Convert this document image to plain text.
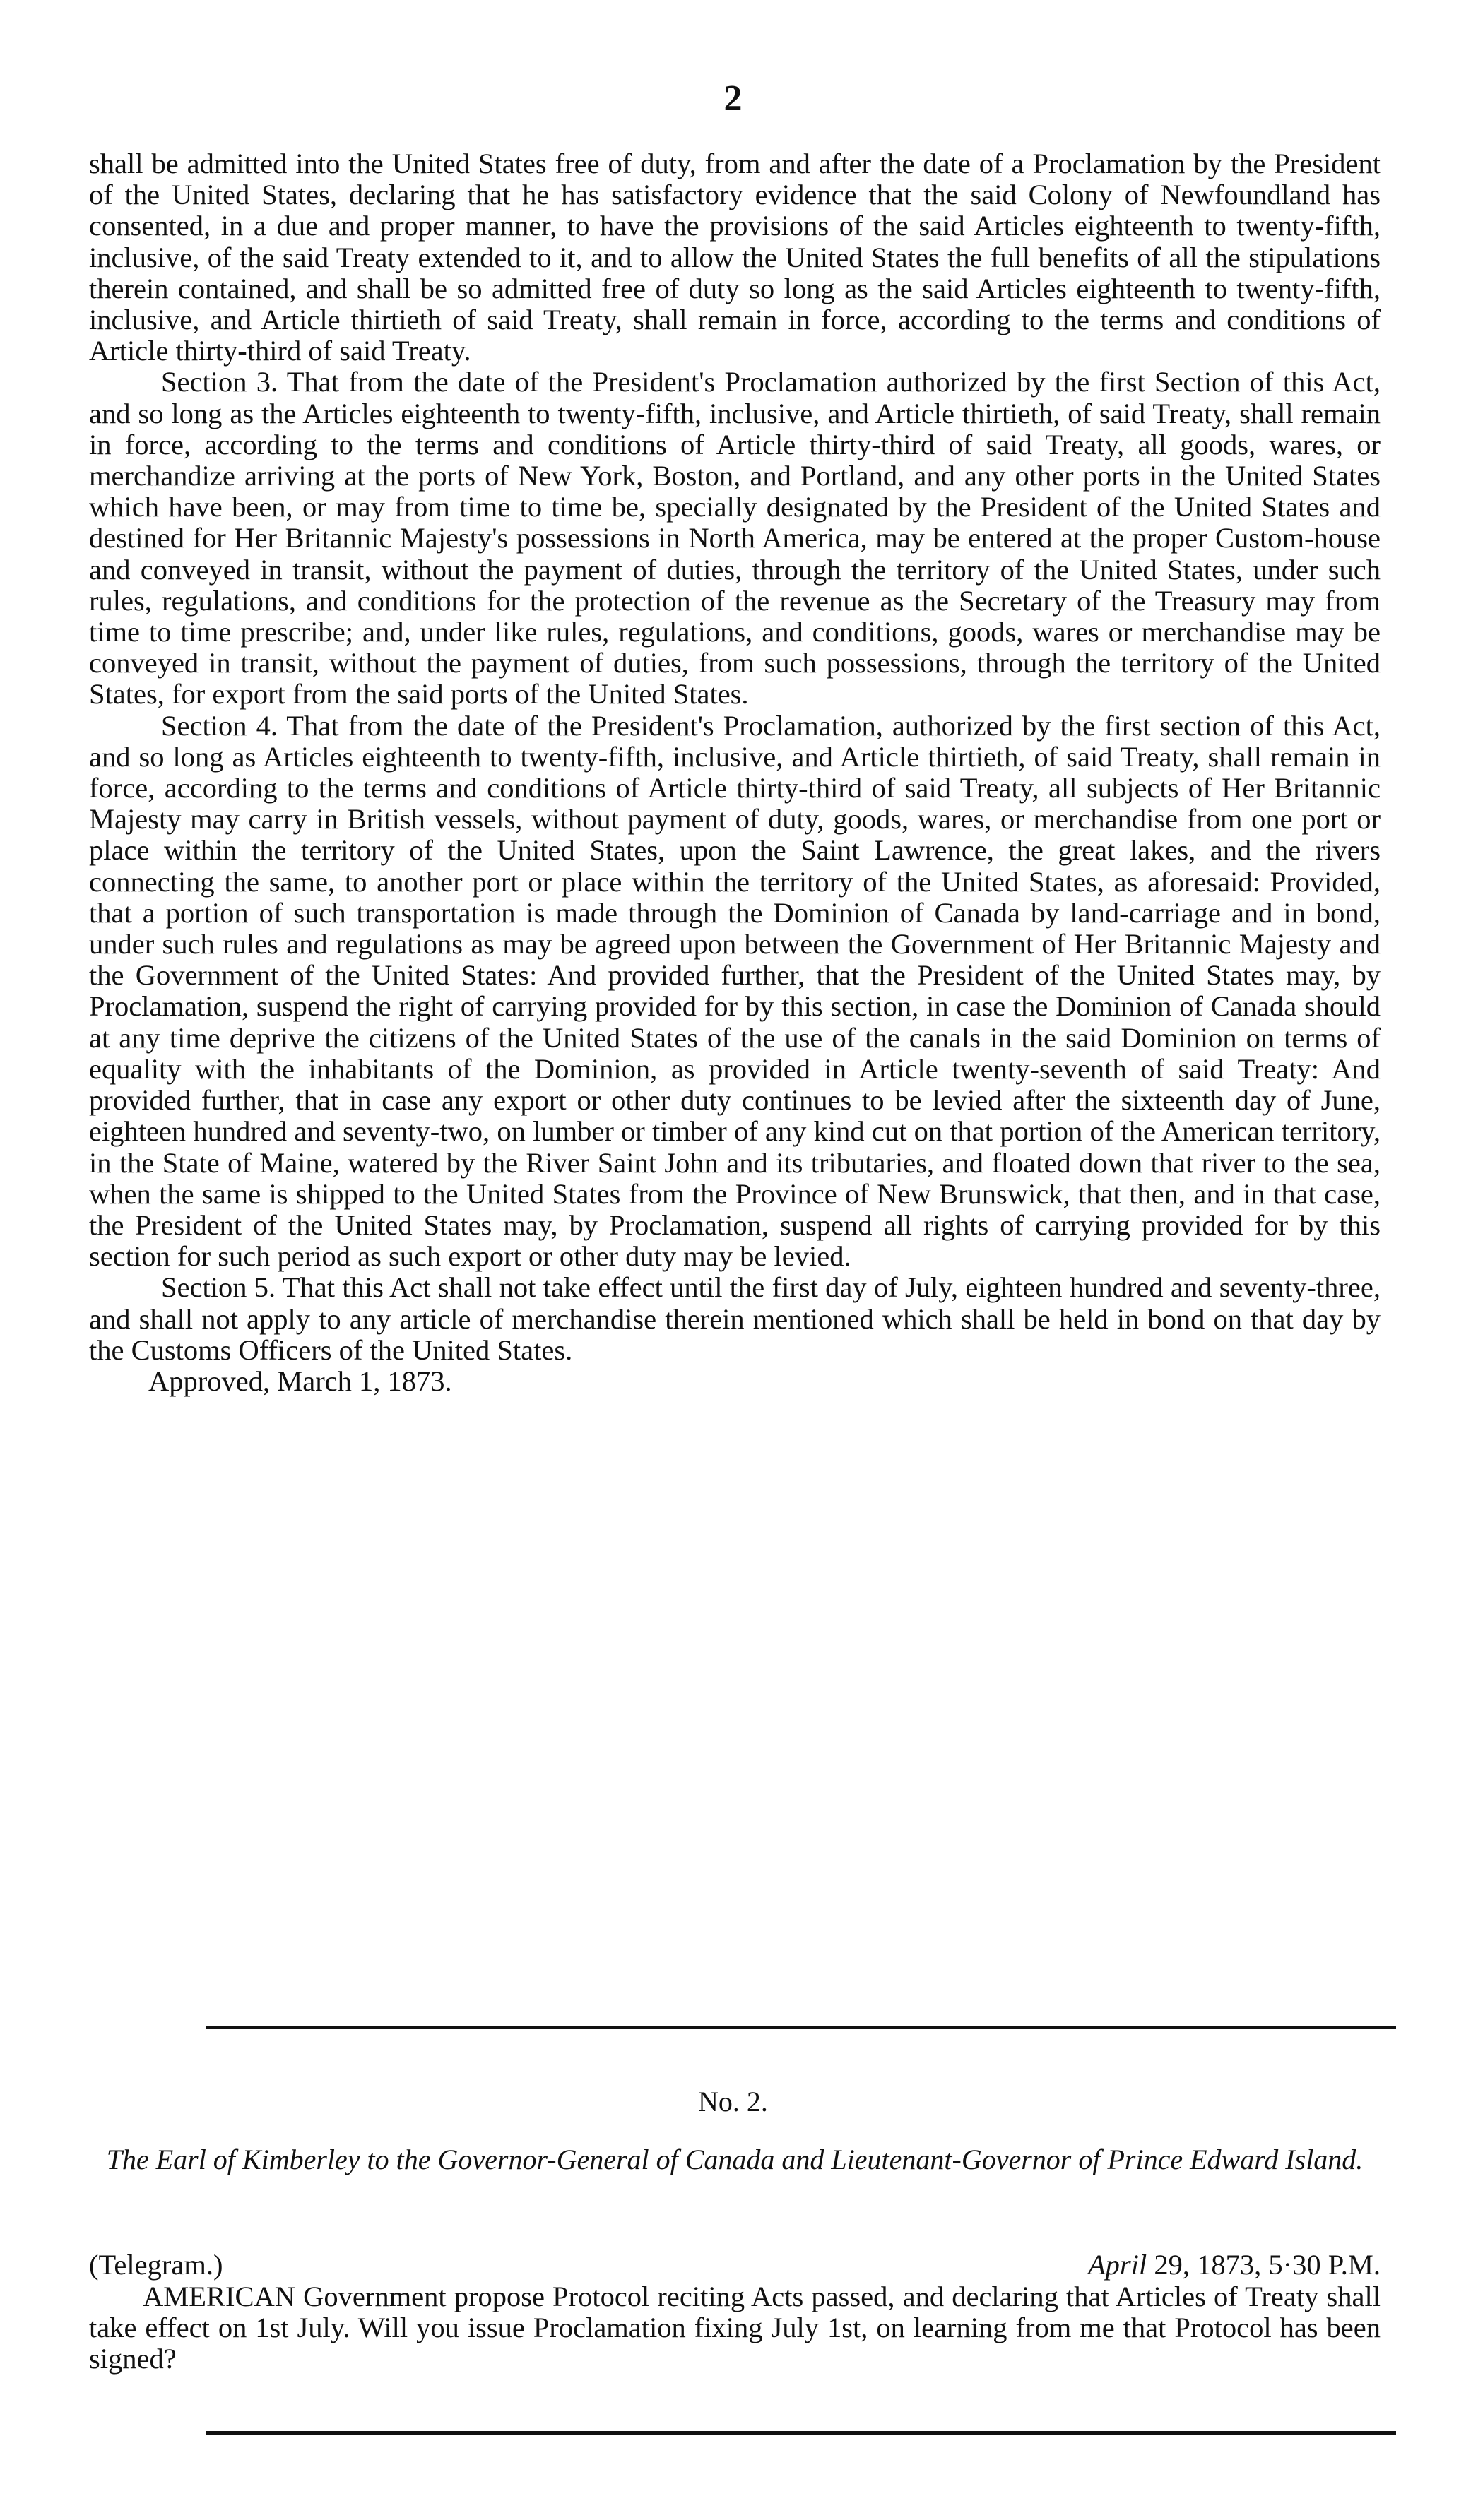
2

shall be admitted into the United States free of duty, from and after the date of a Proclamation by the President of the United States, declaring that he has satisfactory evidence that the said Colony of Newfoundland has consented, in a due and proper manner, to have the provisions of the said Articles eighteenth to twenty-fifth, inclusive, of the said Treaty extended to it, and to allow the United States the full benefits of all the stipulations therein contained, and shall be so admitted free of duty so long as the said Articles eighteenth to twenty-fifth, inclusive, and Article thirtieth of said Treaty, shall remain in force, according to the terms and conditions of Article thirty-third of said Treaty.

Section 3. That from the date of the President's Proclamation authorized by the first Section of this Act, and so long as the Articles eighteenth to twenty-fifth, inclusive, and Article thirtieth, of said Treaty, shall remain in force, according to the terms and conditions of Article thirty-third of said Treaty, all goods, wares, or merchandize arriving at the ports of New York, Boston, and Portland, and any other ports in the United States which have been, or may from time to time be, specially designated by the President of the United States and destined for Her Britannic Majesty's possessions in North America, may be entered at the proper Custom-house and conveyed in transit, without the payment of duties, through the territory of the United States, under such rules, regulations, and conditions for the protection of the revenue as the Secretary of the Treasury may from time to time prescribe; and, under like rules, regulations, and conditions, goods, wares or merchandise may be conveyed in transit, without the payment of duties, from such possessions, through the territory of the United States, for export from the said ports of the United States.

Section 4. That from the date of the President's Proclamation, authorized by the first section of this Act, and so long as Articles eighteenth to twenty-fifth, inclusive, and Article thirtieth, of said Treaty, shall remain in force, according to the terms and conditions of Article thirty-third of said Treaty, all subjects of Her Britannic Majesty may carry in British vessels, without payment of duty, goods, wares, or merchandise from one port or place within the territory of the United States, upon the Saint Lawrence, the great lakes, and the rivers connecting the same, to another port or place within the territory of the United States, as aforesaid: Provided, that a portion of such transportation is made through the Dominion of Canada by land-carriage and in bond, under such rules and regulations as may be agreed upon between the Government of Her Britannic Majesty and the Government of the United States: And provided further, that the President of the United States may, by Proclamation, suspend the right of carrying provided for by this section, in case the Dominion of Canada should at any time deprive the citizens of the United States of the use of the canals in the said Dominion on terms of equality with the inhabitants of the Dominion, as provided in Article twenty-seventh of said Treaty: And provided further, that in case any export or other duty continues to be levied after the sixteenth day of June, eighteen hundred and seventy-two, on lumber or timber of any kind cut on that portion of the American territory, in the State of Maine, watered by the River Saint John and its tributaries, and floated down that river to the sea, when the same is shipped to the United States from the Province of New Brunswick, that then, and in that case, the President of the United States may, by Proclamation, suspend all rights of carrying provided for by this section for such period as such export or other duty may be levied.

Section 5. That this Act shall not take effect until the first day of July, eighteen hundred and seventy-three, and shall not apply to any article of merchandise therein mentioned which shall be held in bond on that day by the Customs Officers of the United States.

Approved, March 1, 1873.

No. 2.
The Earl of Kimberley to the Governor-General of Canada and Lieutenant-Governor of Prince Edward Island.
(Telegram.)	April 29, 1873, 5·30 P.M.

AMERICAN Government propose Protocol reciting Acts passed, and declaring that Articles of Treaty shall take effect on 1st July. Will you issue Proclamation fixing July 1st, on learning from me that Protocol has been signed?
